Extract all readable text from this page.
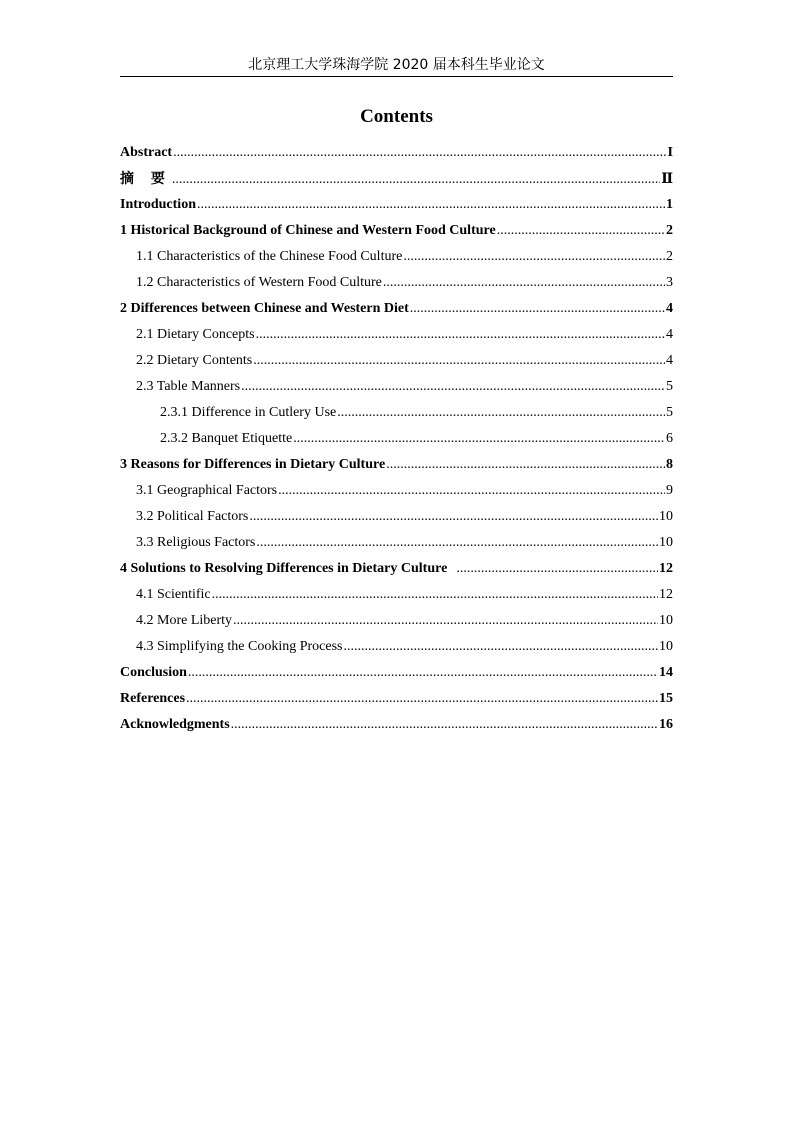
北京理工大学珠海学院 2020 届本科生毕业论文
Contents
Abstract .....	I
摘 要 .....	Ⅱ
Introduction .....	1
1 Historical Background of Chinese and Western Food Culture .....	2
1.1 Characteristics of the Chinese Food Culture .....	2
1.2 Characteristics of Western Food Culture .....	3
2 Differences between Chinese and Western Diet .....	4
2.1 Dietary Concepts .....	4
2.2 Dietary Contents .....	4
2.3 Table Manners .....	5
2.3.1 Difference in Cutlery Use .....	5
2.3.2 Banquet Etiquette .....	6
3 Reasons for Differences in Dietary Culture .....	8
3.1 Geographical Factors .....	9
3.2 Political Factors .....	10
3.3 Religious Factors .....	10
4 Solutions to Resolving Differences in Dietary Culture .....	12
4.1 Scientific .....	12
4.2 More Liberty .....	10
4.3 Simplifying the Cooking Process .....	10
Conclusion .....	14
References .....	15
Acknowledgments .....	16
